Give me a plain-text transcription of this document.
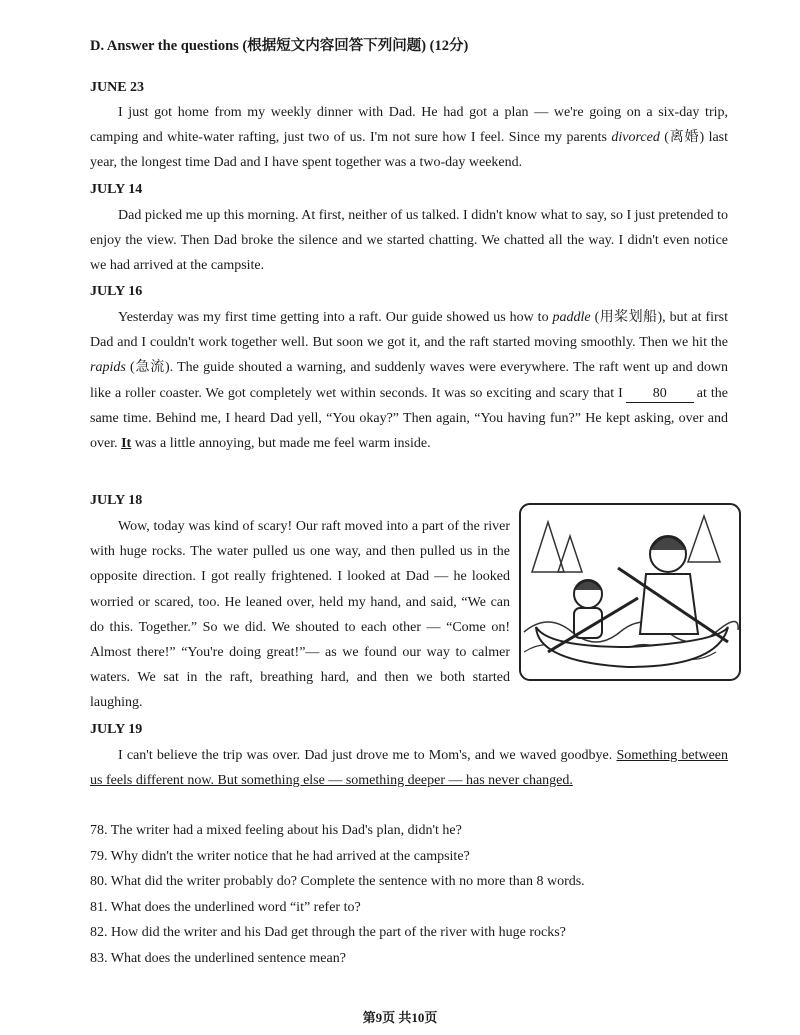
D. Answer the questions (根据短文内容回答下列问题) (12分)
JUNE 23

I just got home from my weekly dinner with Dad. He had got a plan — we're going on a six-day trip, camping and white-water rafting, just two of us. I'm not sure how I feel. Since my parents divorced (离婚) last year, the longest time Dad and I have spent together was a two-day weekend.

JULY 14

Dad picked me up this morning. At first, neither of us talked. I didn't know what to say, so I just pretended to enjoy the view. Then Dad broke the silence and we started chatting. We chatted all the way. I didn't even notice we had arrived at the campsite.

JULY 16

Yesterday was my first time getting into a raft. Our guide showed us how to paddle (用桨划船), but at first Dad and I couldn't work together well. But soon we got it, and the raft started moving smoothly. Then we hit the rapids (急流). The guide shouted a warning, and suddenly waves were everywhere. The raft went up and down like a roller coaster. We got completely wet within seconds. It was so exciting and scary that I 80 at the same time. Behind me, I heard Dad yell, “You okay?” Then again, “You having fun?” He kept asking, over and over. It was a little annoying, but made me feel warm inside.

JULY 18

Wow, today was kind of scary! Our raft moved into a part of the river with huge rocks. The water pulled us one way, and then pulled us in the opposite direction. I got really frightened. I looked at Dad — he looked worried or scared, too. He leaned over, held my hand, and said, “We can do this. Together.” So we did. We shouted to each other — “Come on! Almost there!” “You're doing great!”— as we found our way to calmer waters. We sat in the raft, breathing hard, and then we both started laughing.

JULY 19

I can't believe the trip was over. Dad just drove me to Mom's, and we waved goodbye. Something between us feels different now. But something else — something deeper — has never changed.

78. The writer had a mixed feeling about his Dad's plan, didn't he?
79. Why didn't the writer notice that he had arrived at the campsite?
80. What did the writer probably do? Complete the sentence with no more than 8 words.
81. What does the underlined word “it” refer to?
82. How did the writer and his Dad get through the part of the river with huge rocks?
83. What does the underlined sentence mean?
第9页 共10页
